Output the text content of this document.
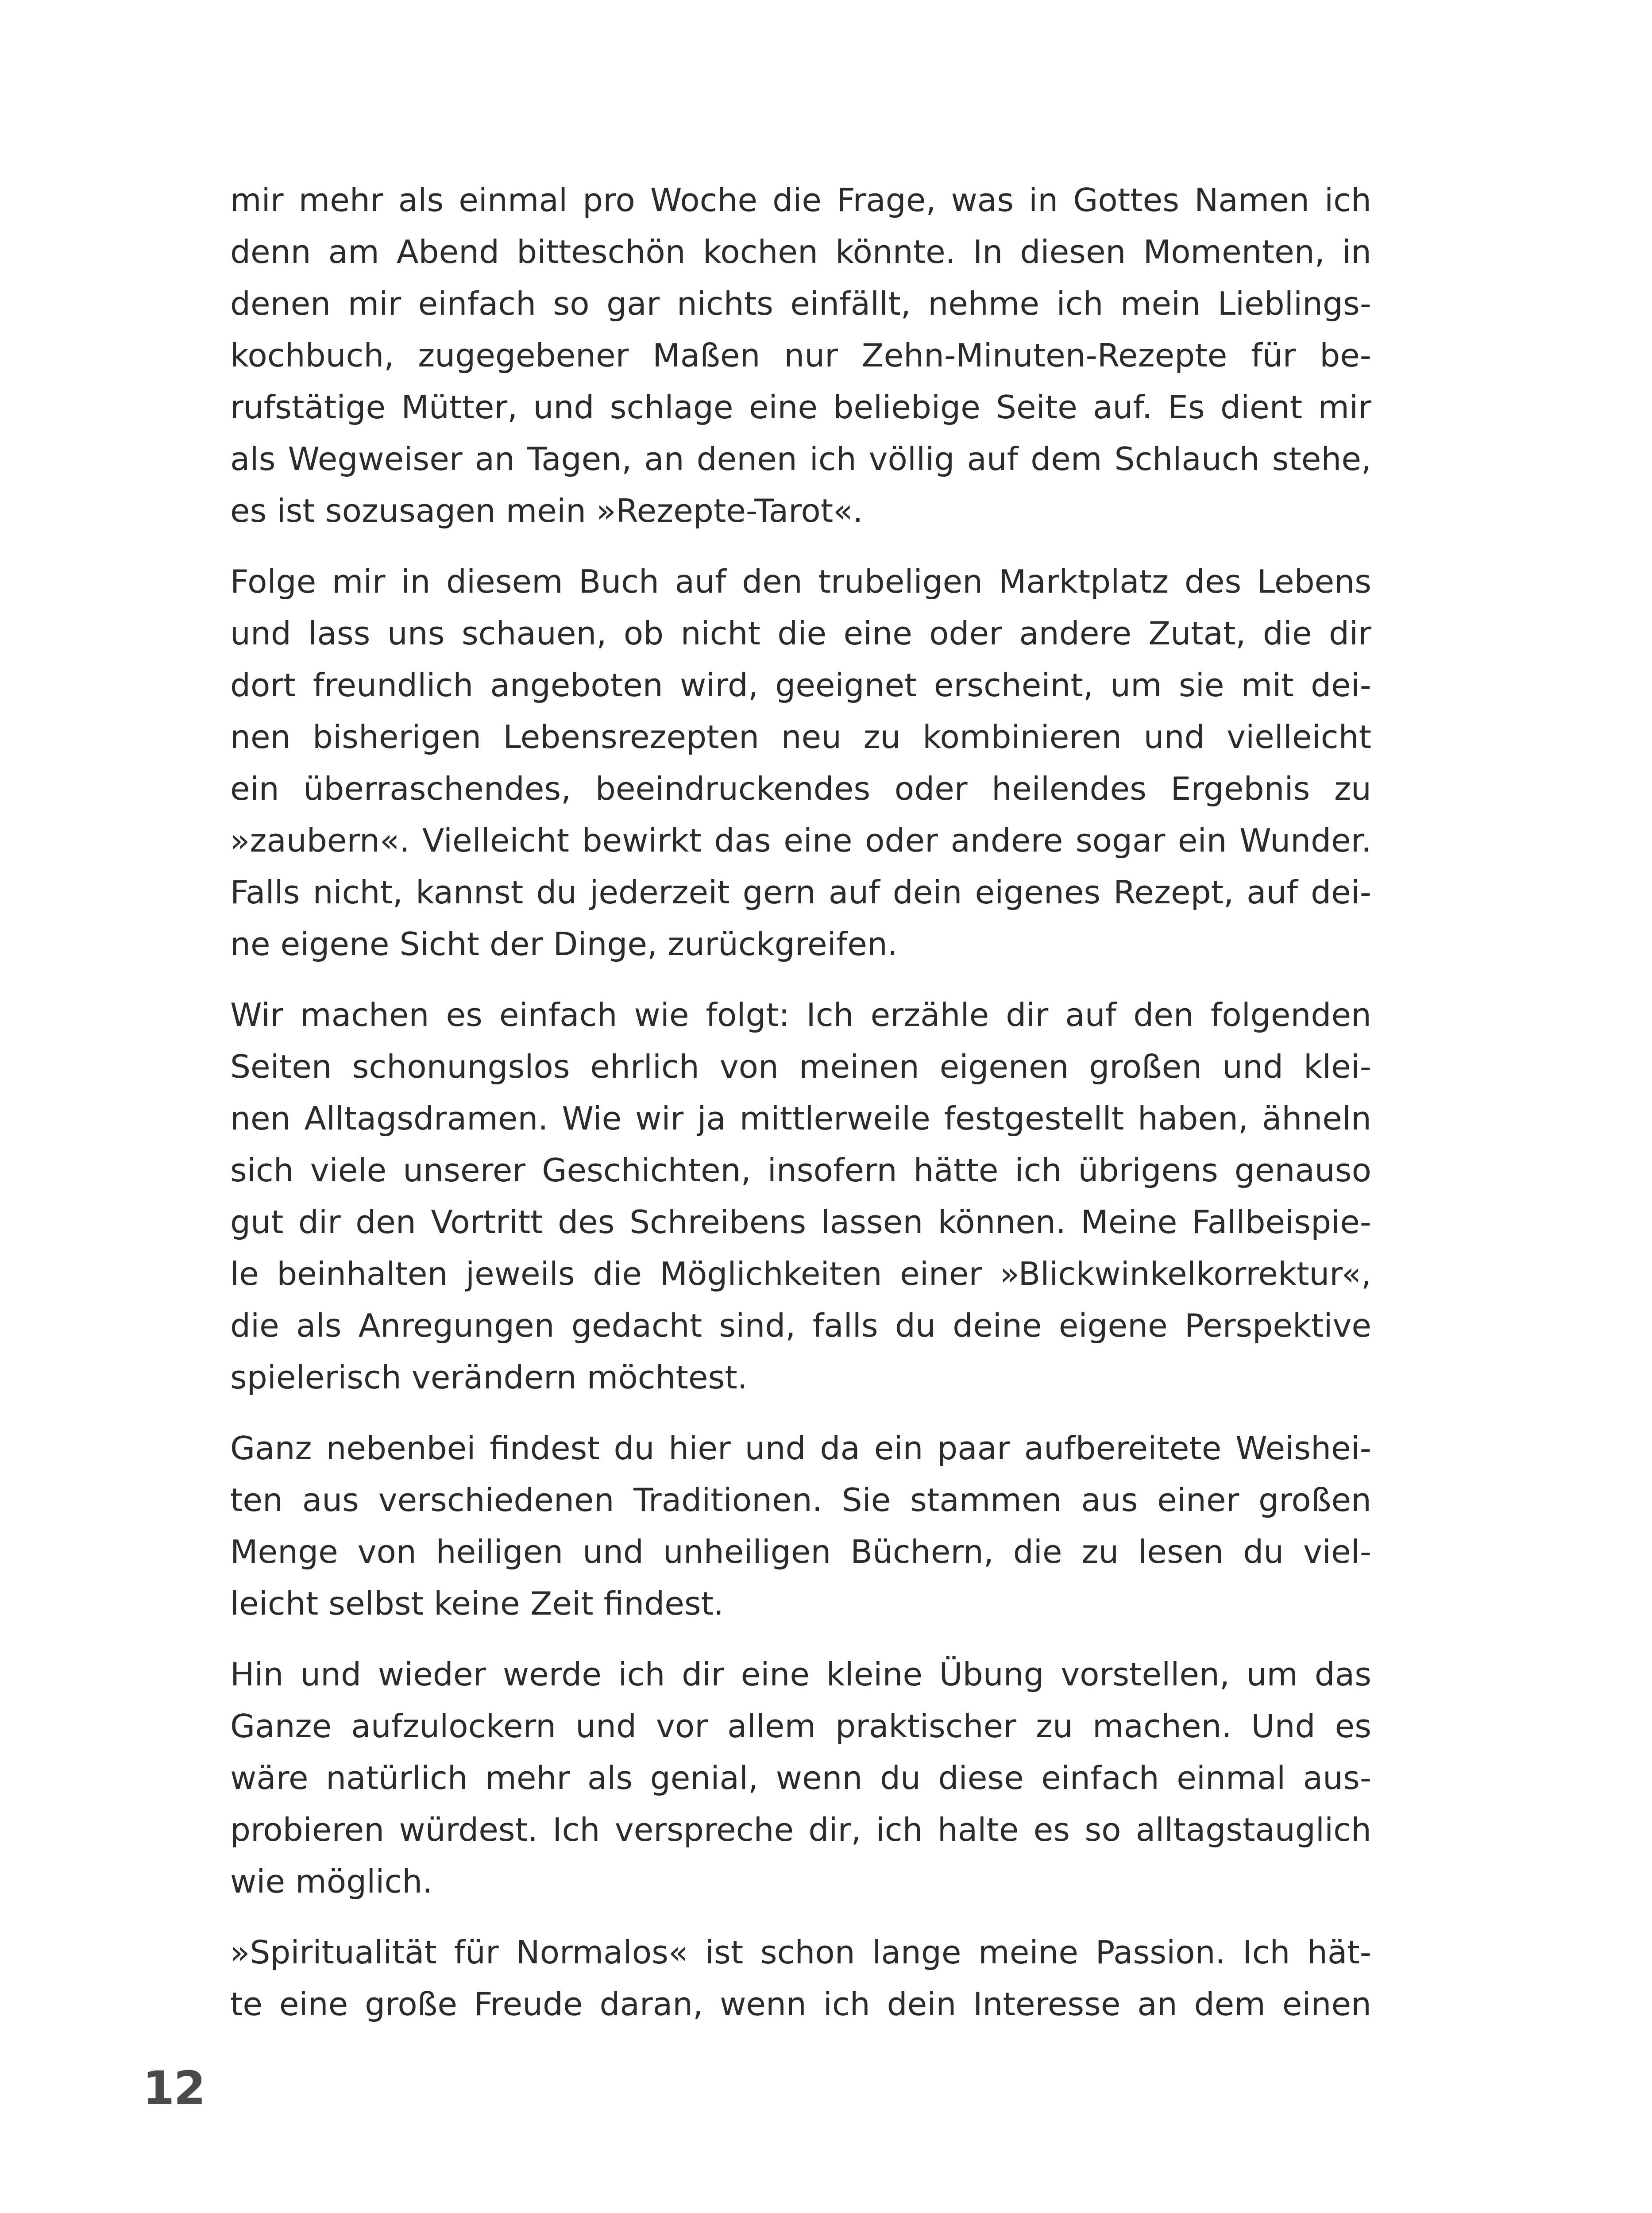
mir mehr als einmal pro Woche die Frage, was in Gottes Namen ich
denn am Abend bitteschön kochen könnte. In diesen Momenten, in
denen mir einfach so gar nichts einfällt, nehme ich mein Lieblings-
kochbuch, zugegebener Maßen nur Zehn-Minuten-Rezepte für be-
rufstätige Mütter, und schlage eine beliebige Seite auf. Es dient mir
als Wegweiser an Tagen, an denen ich völlig auf dem Schlauch stehe,
es ist sozusagen mein »Rezepte-Tarot«.
Folge mir in diesem Buch auf den trubeligen Marktplatz des Lebens
und lass uns schauen, ob nicht die eine oder andere Zutat, die dir
dort freundlich angeboten wird, geeignet erscheint, um sie mit dei-
nen bisherigen Lebensrezepten neu zu kombinieren und vielleicht
ein überraschendes, beeindruckendes oder heilendes Ergebnis zu
»zaubern«. Vielleicht bewirkt das eine oder andere sogar ein Wunder.
Falls nicht, kannst du jederzeit gern auf dein eigenes Rezept, auf dei-
ne eigene Sicht der Dinge, zurückgreifen.
Wir machen es einfach wie folgt: Ich erzähle dir auf den folgenden
Seiten schonungslos ehrlich von meinen eigenen großen und klei-
nen Alltagsdramen. Wie wir ja mittlerweile festgestellt haben, ähneln
sich viele unserer Geschichten, insofern hätte ich übrigens genauso
gut dir den Vortritt des Schreibens lassen können. Meine Fallbeispie-
le beinhalten jeweils die Möglichkeiten einer »Blickwinkelkorrektur«,
die als Anregungen gedacht sind, falls du deine eigene Perspektive
spielerisch verändern möchtest.
Ganz nebenbei findest du hier und da ein paar aufbereitete Weishei-
ten aus verschiedenen Traditionen. Sie stammen aus einer großen
Menge von heiligen und unheiligen Büchern, die zu lesen du viel-
leicht selbst keine Zeit findest.
Hin und wieder werde ich dir eine kleine Übung vorstellen, um das
Ganze aufzulockern und vor allem praktischer zu machen. Und es
wäre natürlich mehr als genial, wenn du diese einfach einmal aus-
probieren würdest. Ich verspreche dir, ich halte es so alltagstauglich
wie möglich.
»Spiritualität für Normalos« ist schon lange meine Passion. Ich hät-
te eine große Freude daran, wenn ich dein Interesse an dem einen
12
